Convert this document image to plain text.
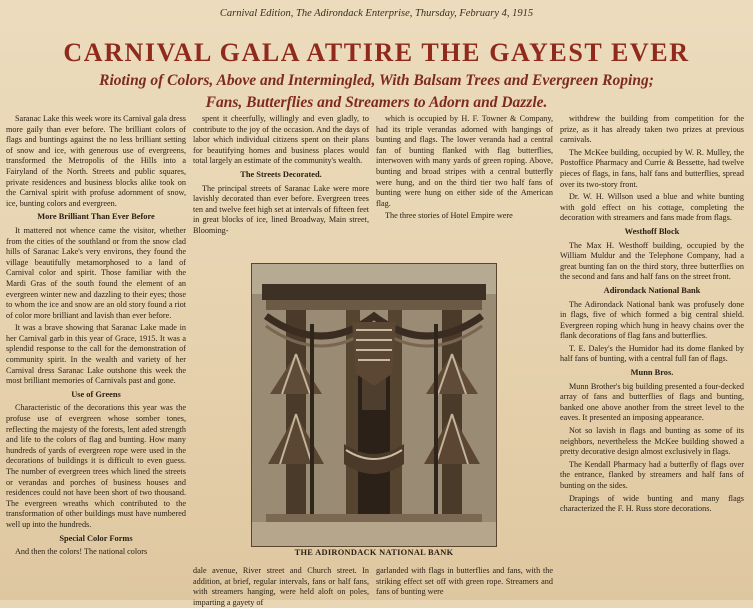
Carnival Edition, The Adirondack Enterprise, Thursday, February 4, 1915
CARNIVAL GALA ATTIRE THE GAYEST EVER
Rioting of Colors, Above and Intermingled, With Balsam Trees and Evergreen Roping;
Fans, Butterflies and Streamers to Adorn and Dazzle.

Saranac Lake this week wore its Carnival gala dress more gaily than ever before. The brilliant colors of flags and buntings against the no less brilliant setting of snow and ice, with generous use of evergreens, transformed the Metropolis of the Hills into a Fairyland of the North. Streets and public squares, private residences and business blocks alike took on the Carnival spirit with profuse adornment of snow, ice, bunting colors and evergreen.

More Brilliant Than Ever Before

It mattered not whence came the visitor, whether from the cities of the southland or from the snow clad hills of Saranac Lake's very environs, they found the village beautifully metamorphosed to a land of Carnival color and spirit. Those familiar with the Mardi Gras of the south found the element of an evergreen winter new and dazzling to their eyes; those to whom the ice and snow are an old story found a riot of color more brilliant and lavish than ever before.

It was a brave showing that Saranac Lake made in her Carnival garb in this year of Grace, 1915. It was a splendid response to the call for the demonstration of community spirit. In the wealth and variety of her Carnival dress Saranac Lake outshone this week the most brilliant memories of Carnivals past and gone.

Use of Greens

Characteristic of the decorations this year was the profuse use of evergreen whose somber tones, reflecting the majesty of the forests, lent aded strength and life to the colors of flag and bunting. How many hundreds of yards of evergreen rope were used in the decorations of buildings it is difficult to even guess. The number of evergreen trees which lined the streets or verandas and porches of business houses and residences could not have been short of two thousand. The evergreen wreaths which contributed to the transformation of other buildings must have numbered well up into the hundreds.

Special Color Forms

And then the colors! The national colors

spent it cheerfully, willingly and even gladly, to contribute to the joy of the occasion. And the days of labor which individual citizens spent on their plans for beautifying homes and business places would total largely an estimate of the community's wealth.

The Streets Decorated.

The principal streets of Saranac Lake were more lavishly decorated than ever before. Evergreen trees ten and twelve feet high set at intervals of fifteen feet in great blocks of ice, lined Broadway, Main street, Blooming-

which is occupied by H. F. Towner & Company, had its triple verandas adorned with hangings of bunting and flags. The lower veranda had a central fan of bunting flanked with flag butterflies, interwoven with many yards of green roping. Above, bunting and broad stripes with a central butterfly were hung, and on the third tier two half fans of bunting were hung on either side of the American flag.

The three stories of Hotel Empire were

THE ADIRONDACK NATIONAL BANK
dale avenue, River street and Church street. In addition, at brief, regular intervals, fans or half fans, with streamers hanging, were held aloft on poles, imparting a gayety of
garlanded with flags in butterflies and fans, with the striking effect set off with green rope. Streamers and fans of bunting were

withdrew the building from competition for the prize, as it has already taken two prizes at previous carnivals.

The McKee building, occupied by W. R. Mulley, the Postoffice Pharmacy and Currie & Bessette, had twelve pieces of flags, in fans, half fans and butterflies, spread over its two-story front.

Dr. W. H. Willson used a blue and white bunting with gold effect on his cottage, completing the decoration with streamers and fans made from flags.

Westhoff Block

The Max H. Westhoff building, occupied by the William Muldur and the Telephone Company, had a great bunting fan on the third story, three butterflies on the second and fans and half fans on the street front.

Adirondack National Bank

The Adirondack National bank was profusely done in flags, five of which formed a big central shield. Evergreen roping which hung in heavy chains over the flank decorations of flag fans and butterflies.

T. E. Daley's the Humidor had its dome flanked by half fans of bunting, with a central full fan of flags.

Munn Bros.

Munn Brother's big building presented a four-decked array of fans and butterflies of flags and bunting, banked one above another from the street level to the eaves. It presented an imposing appearance.

Not so lavish in flags and bunting as some of its neighbors, nevertheless the McKee building showed a pretty decorative design almost exclusively in flags.

The Kendall Pharmacy had a butterfly of flags over the entrance, flanked by streamers and half fans of bunting on the sides.

Drapings of wide bunting and many flags characterized the F. H. Russ store decorations.
